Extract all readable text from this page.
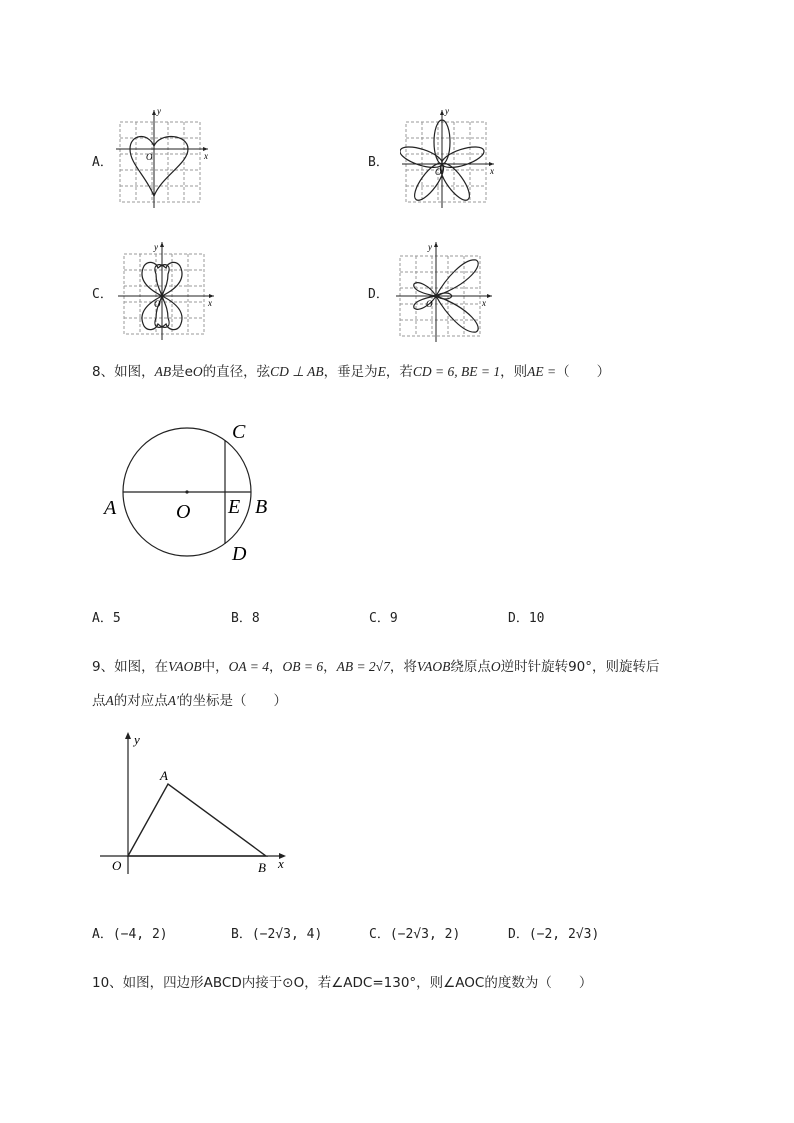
A．
y
x
O	B．
y
x
O
C．
y
x
O
D．
y
x
O
8、如图，AB是eO的直径，弦CD ⊥ AB，垂足为E，若CD = 6, BE = 1，则AE =（　　）
A	O E B
C
D
A．5	B．8	C．9	D．10
9、如图，在VAOB中，OA = 4，OB = 6，AB = 2√7，将VAOB绕原点O逆时针旋转90°，则旋转后
点A的对应点A′的坐标是（　　）
y
x
A
B
O
A．(−4, 2)	B．(−2√3, 4)	C．(−2√3, 2)	D．(−2, 2√3)
10、如图，四边形ABCD内接于⊙O，若∠ADC=130°，则∠AOC的度数为（　　）
